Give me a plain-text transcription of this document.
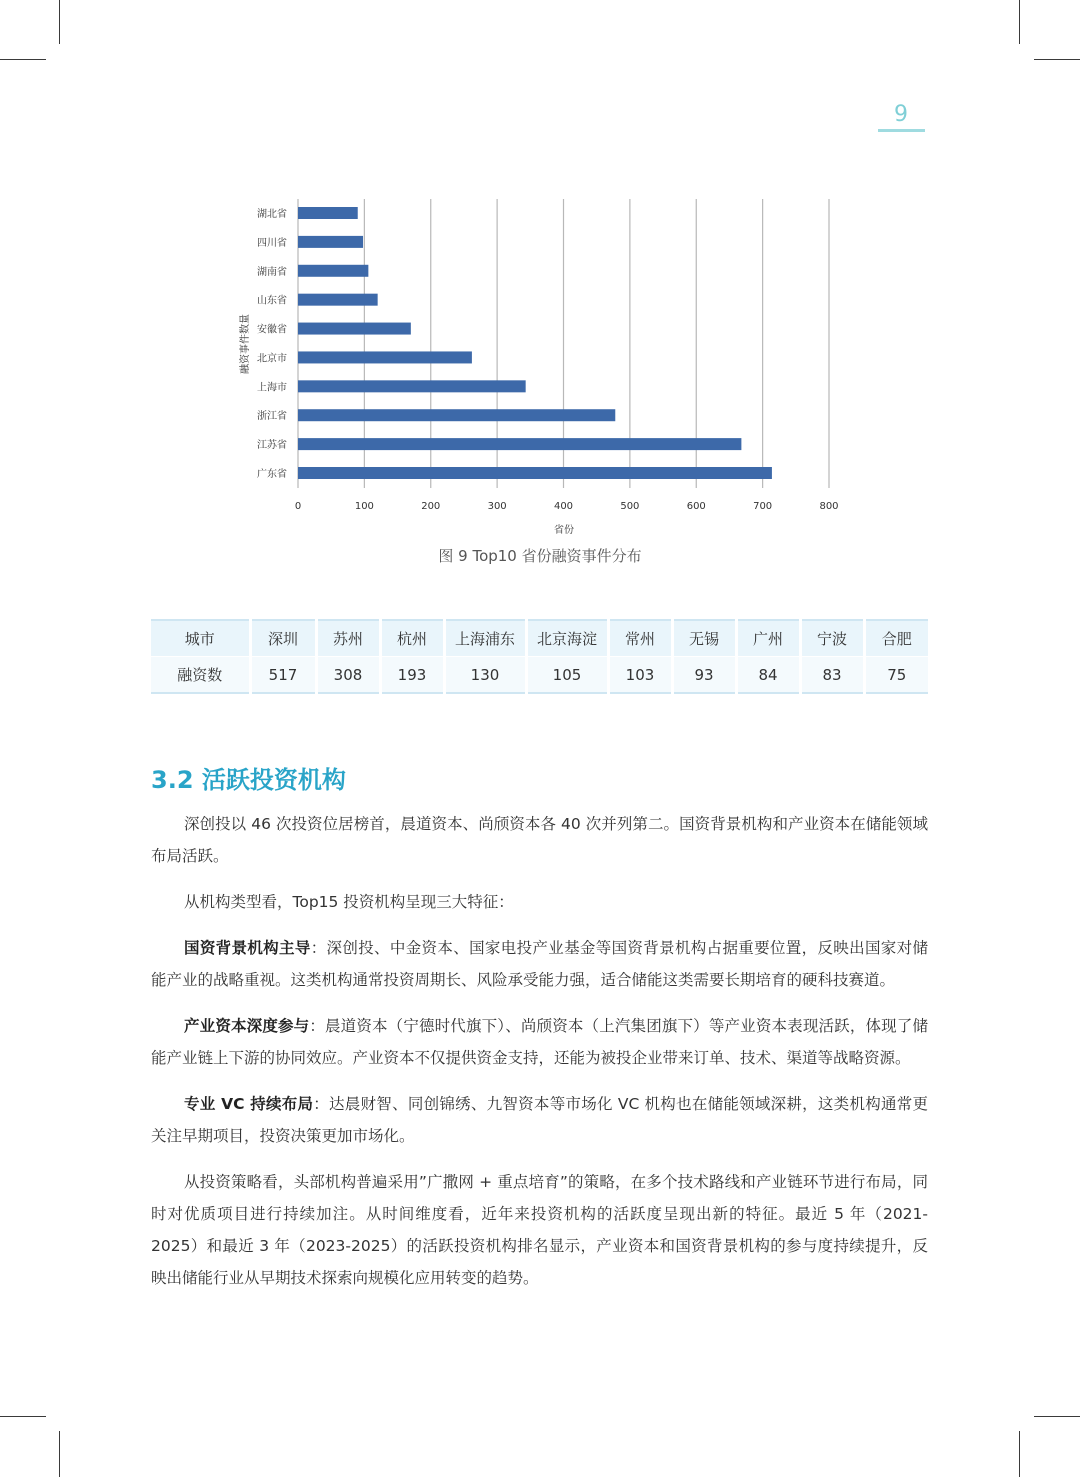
9
湖北省
四川省
湖南省
山东省
安徽省
北京市
上海市
浙江省
江苏省
广东省
0	100	200	300	400	500	600	700	800
省份
融资事件数量
图 9 Top10 省份融资事件分布
城市	深圳	苏州	杭州	上海浦东	北京海淀	常州	无锡	广州	宁波	合肥
融资数	517	308	193	130	105	103	93	84	83	75
3.2 活跃投资机构

深创投以 46 次投资位居榜首，晨道资本、尚颀资本各 40 次并列第二。国资背景机构和产业资本在储能领域布局活跃。

从机构类型看，Top15 投资机构呈现三大特征：

国资背景机构主导：深创投、中金资本、国家电投产业基金等国资背景机构占据重要位置，反映出国家对储能产业的战略重视。这类机构通常投资周期长、风险承受能力强，适合储能这类需要长期培育的硬科技赛道。

产业资本深度参与：晨道资本（宁德时代旗下）、尚颀资本（上汽集团旗下）等产业资本表现活跃，体现了储能产业链上下游的协同效应。产业资本不仅提供资金支持，还能为被投企业带来订单、技术、渠道等战略资源。

专业 VC 持续布局：达晨财智、同创锦绣、九智资本等市场化 VC 机构也在储能领域深耕，这类机构通常更关注早期项目，投资决策更加市场化。

从投资策略看，头部机构普遍采用”广撒网 + 重点培育”的策略，在多个技术路线和产业链环节进行布局，同时对优质项目进行持续加注。从时间维度看，近年来投资机构的活跃度呈现出新的特征。最近 5 年（2021-2025）和最近 3 年（2023-2025）的活跃投资机构排名显示，产业资本和国资背景机构的参与度持续提升，反映出储能行业从早期技术探索向规模化应用转变的趋势。
